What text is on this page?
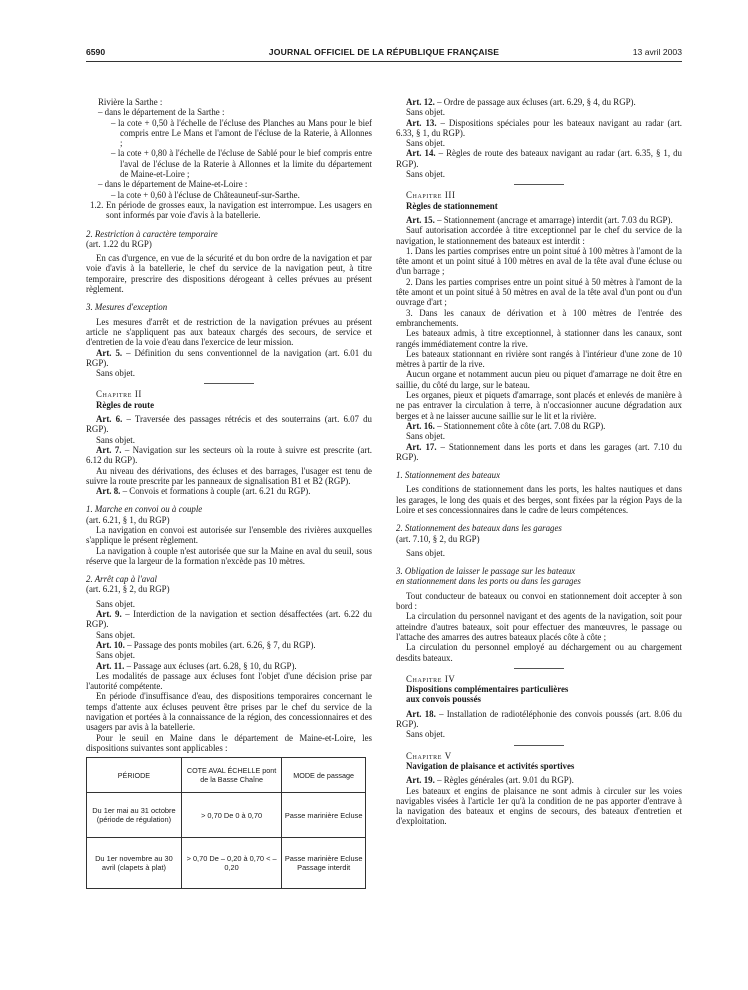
6590	JOURNAL OFFICIEL DE LA RÉPUBLIQUE FRANÇAISE	13 avril 2003

Rivière la Sarthe :

– dans le département de la Sarthe :

– la cote + 0,50 à l'échelle de l'écluse des Planches au Mans pour le bief compris entre Le Mans et l'amont de l'écluse de la Raterie, à Allonnes ;

– la cote + 0,80 à l'échelle de l'écluse de Sablé pour le bief compris entre l'aval de l'écluse de la Raterie à Allonnes et la limite du département de Maine-et-Loire ;

– dans le département de Maine-et-Loire :

– la cote + 0,60 à l'écluse de Châteauneuf-sur-Sarthe.

1.2. En période de grosses eaux, la navigation est interrompue. Les usagers en sont informés par voie d'avis à la batellerie.

2. Restriction à caractère temporaire

(art. 1.22 du RGP)

En cas d'urgence, en vue de la sécurité et du bon ordre de la navigation et par voie d'avis à la batellerie, le chef du service de la navigation peut, à titre temporaire, prescrire des dispositions dérogeant à celles prévues au présent règlement.

3. Mesures d'exception

Les mesures d'arrêt et de restriction de la navigation prévues au présent article ne s'appliquent pas aux bateaux chargés des secours, de service et d'entretien de la voie d'eau dans l'exercice de leur mission.

Art. 5. – Définition du sens conventionnel de la navigation (art. 6.01 du RGP).

Sans objet.

Chapitre II

Règles de route

Art. 6. – Traversée des passages rétrécis et des souterrains (art. 6.07 du RGP).

Sans objet.

Art. 7. – Navigation sur les secteurs où la route à suivre est prescrite (art. 6.12 du RGP).

Au niveau des dérivations, des écluses et des barrages, l'usager est tenu de suivre la route prescrite par les panneaux de signalisation B1 et B2 (RGP).

Art. 8. – Convois et formations à couple (art. 6.21 du RGP).

1. Marche en convoi ou à couple

(art. 6.21, § 1, du RGP)

La navigation en convoi est autorisée sur l'ensemble des rivières auxquelles s'applique le présent règlement.

La navigation à couple n'est autorisée que sur la Maine en aval du seuil, sous réserve que la largeur de la formation n'excède pas 10 mètres.

2. Arrêt cap à l'aval

(art. 6.21, § 2, du RGP)

Sans objet.

Art. 9. – Interdiction de la navigation et section désaffectées (art. 6.22 du RGP).

Sans objet.

Art. 10. – Passage des ponts mobiles (art. 6.26, § 7, du RGP).

Sans objet.

Art. 11. – Passage aux écluses (art. 6.28, § 10, du RGP).

Les modalités de passage aux écluses font l'objet d'une décision prise par l'autorité compétente.

En période d'insuffisance d'eau, des dispositions temporaires concernant le temps d'attente aux écluses peuvent être prises par le chef du service de la navigation et portées à la connaissance de la région, des concessionnaires et des usagers par avis à la batellerie.

Pour le seuil en Maine dans le département de Maine-et-Loire, les dispositions suivantes sont applicables :

PÉRIODE	COTE AVAL ÉCHELLE pont de la Basse Chaîne	MODE de passage
Du 1er mai au 31 octobre (période de régulation)	> 0,70 De 0 à 0,70	Passe marinière Ecluse
Du 1er novembre au 30 avril (clapets à plat)	> 0,70 De – 0,20 à 0,70 < – 0,20	Passe marinière Ecluse Passage interdit

Art. 12. – Ordre de passage aux écluses (art. 6.29, § 4, du RGP).

Sans objet.

Art. 13. – Dispositions spéciales pour les bateaux navigant au radar (art. 6.33, § 1, du RGP).

Sans objet.

Art. 14. – Règles de route des bateaux navigant au radar (art. 6.35, § 1, du RGP).

Sans objet.

Chapitre III

Règles de stationnement

Art. 15. – Stationnement (ancrage et amarrage) interdit (art. 7.03 du RGP).

Sauf autorisation accordée à titre exceptionnel par le chef du service de la navigation, le stationnement des bateaux est interdit :

1. Dans les parties comprises entre un point situé à 100 mètres à l'amont de la tête amont et un point situé à 100 mètres en aval de la tête aval d'une écluse ou d'un barrage ;

2. Dans les parties comprises entre un point situé à 50 mètres à l'amont de la tête amont et un point situé à 50 mètres en aval de la tête aval d'un pont ou d'un ouvrage d'art ;

3. Dans les canaux de dérivation et à 100 mètres de l'entrée des embranchements.

Les bateaux admis, à titre exceptionnel, à stationner dans les canaux, sont rangés immédiatement contre la rive.

Les bateaux stationnant en rivière sont rangés à l'intérieur d'une zone de 10 mètres à partir de la rive.

Aucun organe et notamment aucun pieu ou piquet d'amarrage ne doit être en saillie, du côté du large, sur le bateau.

Les organes, pieux et piquets d'amarrage, sont placés et enlevés de manière à ne pas entraver la circulation à terre, à n'occasionner aucune dégradation aux berges et à ne laisser aucune saillie sur le lit et la rivière.

Art. 16. – Stationnement côte à côte (art. 7.08 du RGP).

Sans objet.

Art. 17. – Stationnement dans les ports et dans les garages (art. 7.10 du RGP).

1. Stationnement des bateaux

Les conditions de stationnement dans les ports, les haltes nautiques et dans les garages, le long des quais et des berges, sont fixées par la région Pays de la Loire et ses concessionnaires dans le cadre de leurs compétences.

2. Stationnement des bateaux dans les garages

(art. 7.10, § 2, du RGP)

Sans objet.

3. Obligation de laisser le passage sur les bateaux

en stationnement dans les ports ou dans les garages

Tout conducteur de bateaux ou convoi en stationnement doit accepter à son bord :

La circulation du personnel navigant et des agents de la navigation, soit pour atteindre d'autres bateaux, soit pour effectuer des manœuvres, le passage ou l'attache des amarres des autres bateaux placés côte à côte ;

La circulation du personnel employé au déchargement ou au chargement desdits bateaux.

Chapitre IV

Dispositions complémentaires particulières

aux convois poussés

Art. 18. – Installation de radiotéléphonie des convois poussés (art. 8.06 du RGP).

Sans objet.

Chapitre V

Navigation de plaisance et activités sportives

Art. 19. – Règles générales (art. 9.01 du RGP).

Les bateaux et engins de plaisance ne sont admis à circuler sur les voies navigables visées à l'article 1er qu'à la condition de ne pas apporter d'entrave à la navigation des bateaux et engins de secours, des bateaux d'entretien et d'exploitation.
